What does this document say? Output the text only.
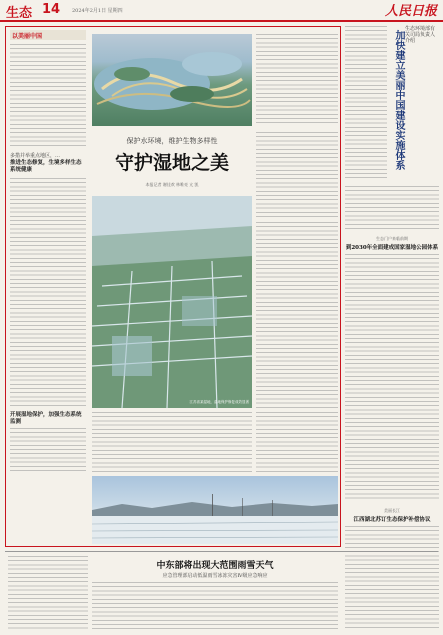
生态 14 2024年2月1日 星期四	人民日报
以美丽中国
多措并举重点地区，…
推进生态修复，生境多样生态系统健康
开展湿地保护，加强生态系统监测
保护水环境，维护生物多样性
守护湿地之美
本报记者 谢佳欢 林唯亮 亢 凯
江苏省某湿地，湿地保护修复成效显著
生态环境部有关司局负责人介绍
加快建立美丽中国建设实施体系
生态门户来临前期
到2030年全面建成国家湿地公园体系
美丽长江
江西湖北苏订生态保护补偿协议
中东部将出现大范围雨雪天气
应急管理部启动低温雨雪冰冻灾害Ⅳ级应急响应
